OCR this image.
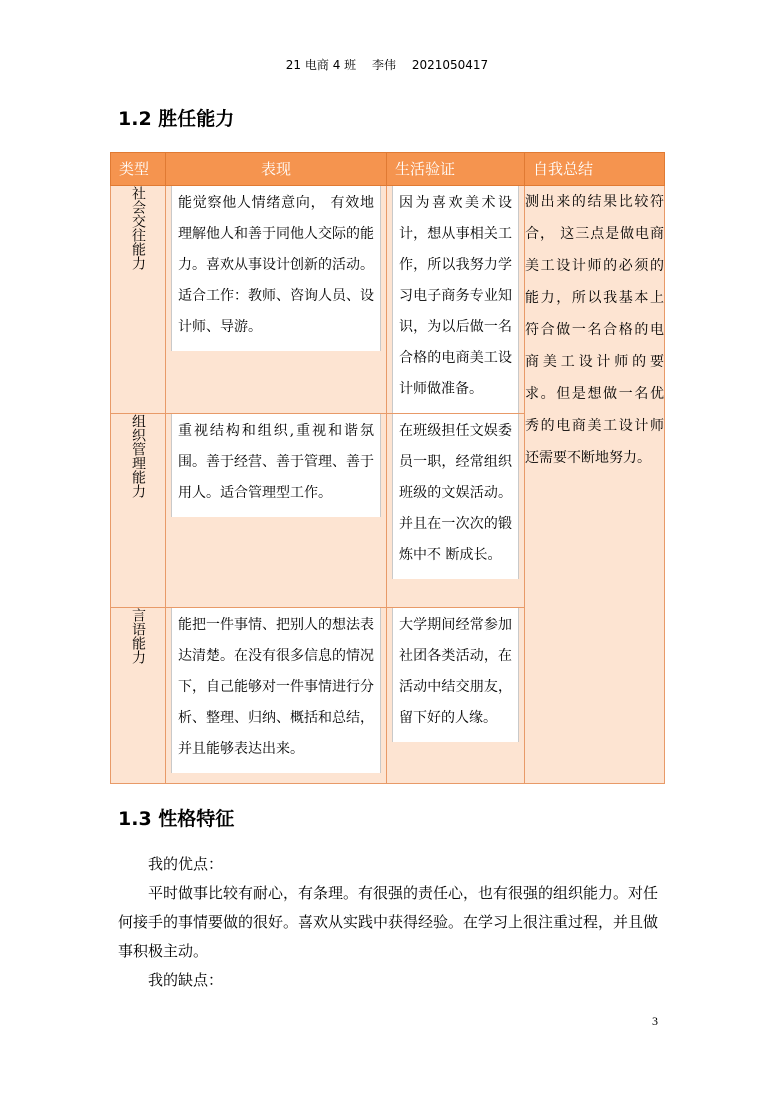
21 电商 4 班 李伟 2021050417
1.2 胜任能力
类型	表现	生活验证	自我总结

社会交往能力	能觉察他人情绪意向， 有效地理解他人和善于同他人交际的能力。喜欢从事设计创新的活动。适合工作：教师、咨询人员、设计师、导游。	因为喜欢美术设计，想从事相关工作，所以我努力学习电子商务专业知识，为以后做一名合格的电商美工设计师做准备。	测出来的结果比较符合， 这三点是做电商美工设计师的必须的能力，所以我基本上符合做一名合格的电商美工设计师的要求。但是想做一名优秀的电商美工设计师还需要不断地努力。

组织管理能力	重视结构和组织,重视和谐氛围。善于经营、善于管理、善于用人。适合管理型工作。	在班级担任文娱委员一职，经常组织班级的文娱活动。并且在一次次的锻炼中不 断成长。	

言语能力	能把一件事情、把别人的想法表达清楚。在没有很多信息的情况下，自己能够对一件事情进行分析、整理、归纳、概括和总结，并且能够表达出来。	大学期间经常参加社团各类活动，在活动中结交朋友，留下好的人缘。	
1.3 性格特征
我的优点：
平时做事比较有耐心，有条理。有很强的责任心，也有很强的组织能力。对任何接手的事情要做的很好。喜欢从实践中获得经验。在学习上很注重过程，并且做事积极主动。
我的缺点：
3
